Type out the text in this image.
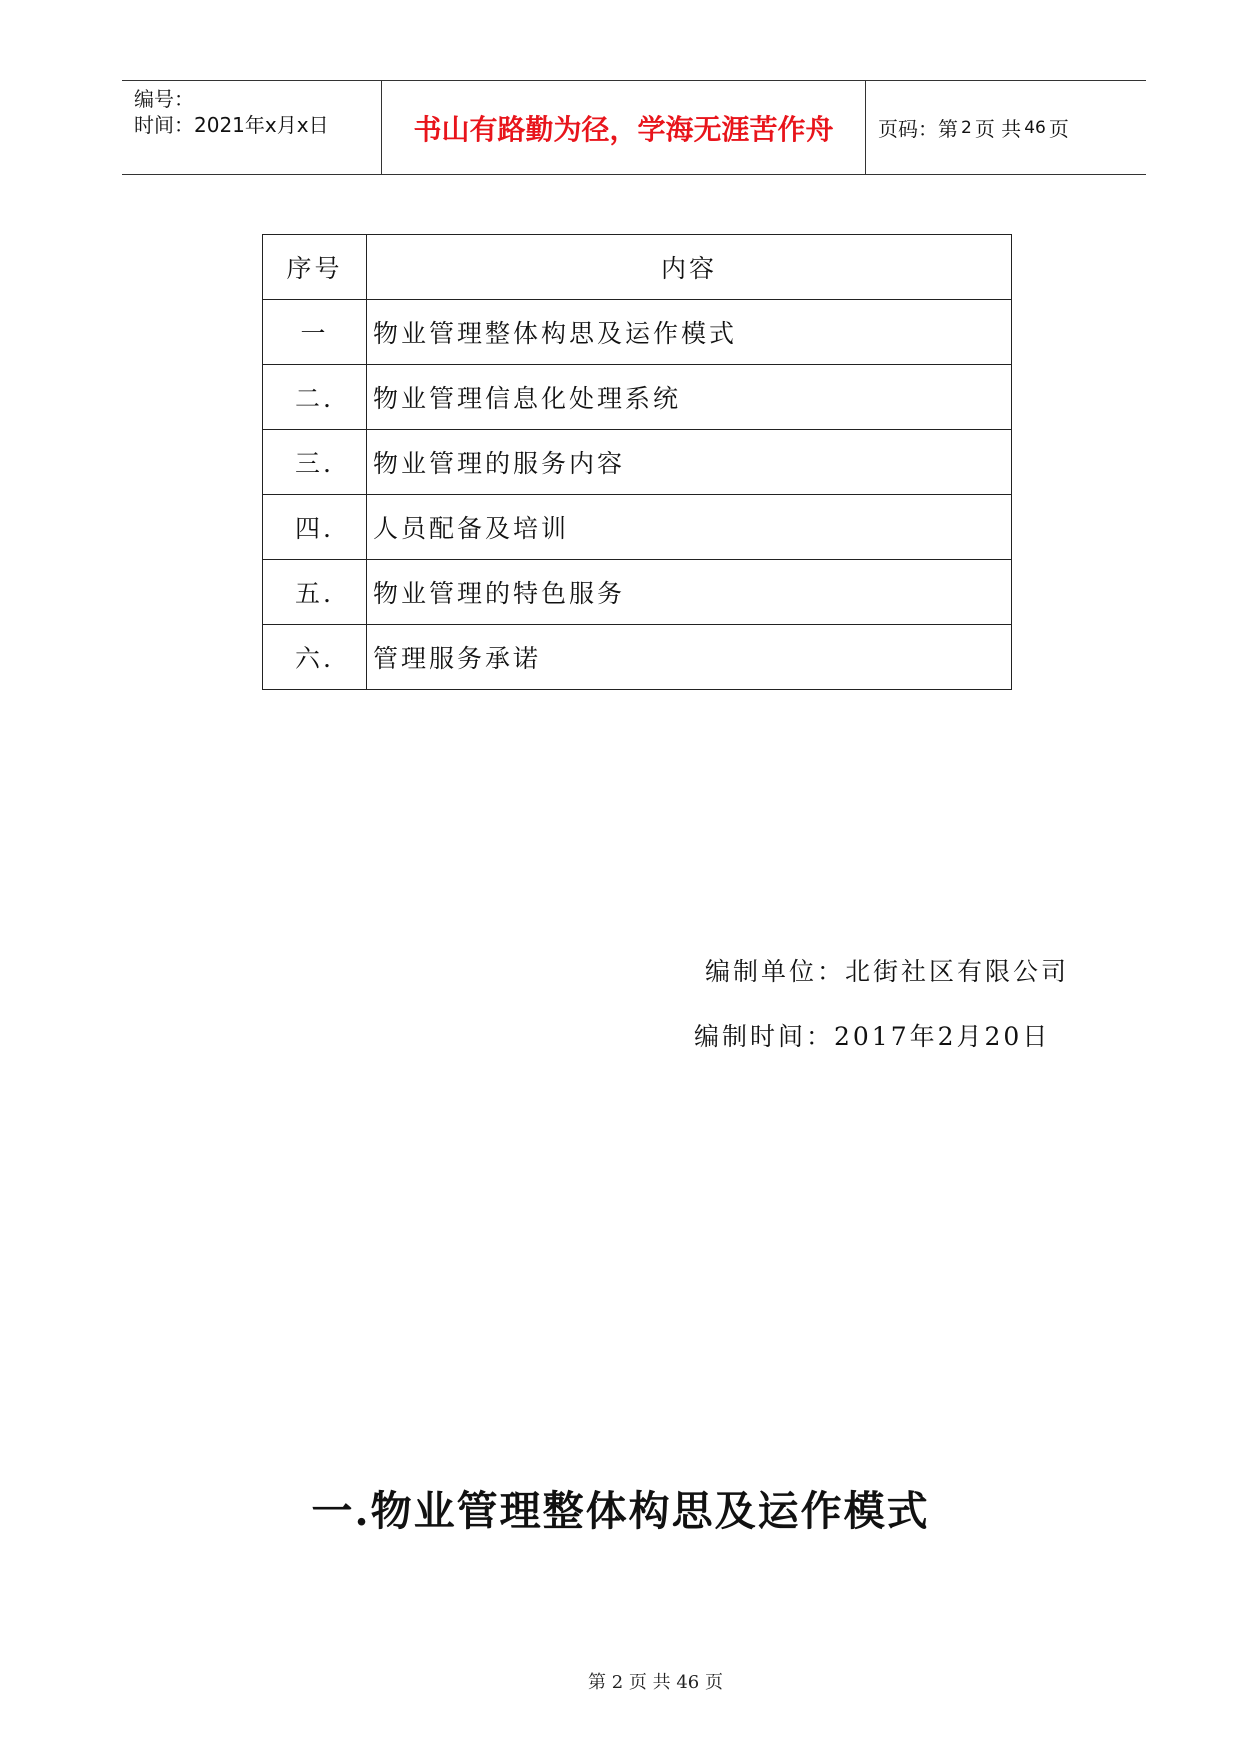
编号：
时间：2021年x月x日	书山有路勤为径，学海无涯苦作舟	页码：第 2 页 共 46 页
序号	内容
一	物业管理整体构思及运作模式
二.	物业管理信息化处理系统
三.	物业管理的服务内容
四.	人员配备及培训
五.	物业管理的特色服务
六.	管理服务承诺
编制单位：北街社区有限公司
编制时间：2017年2月20日
一.物业管理整体构思及运作模式
第 2 页 共 46 页
